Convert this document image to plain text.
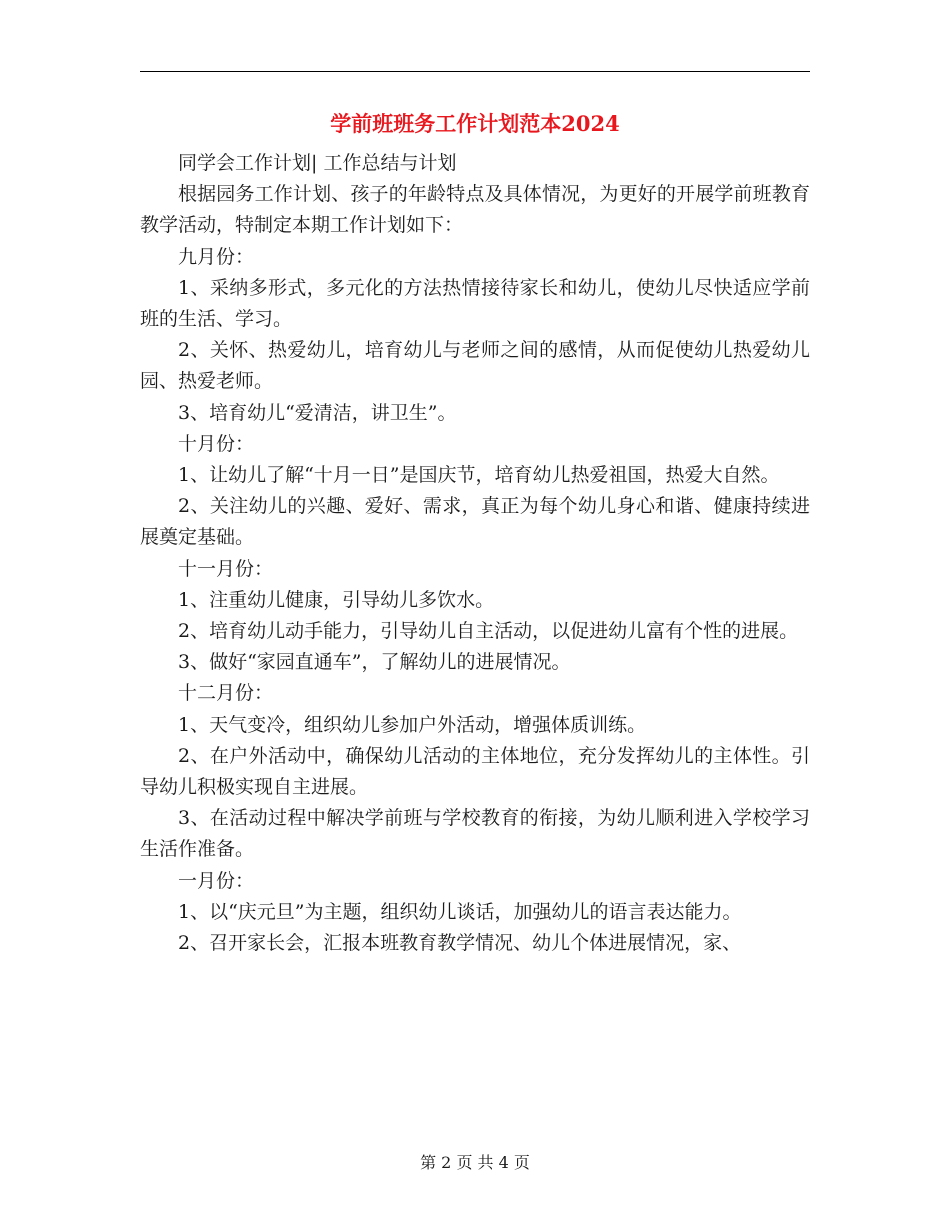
学前班班务工作计划范本2024

同学会工作计划| 工作总结与计划

根据园务工作计划、孩子的年龄特点及具体情况，为更好的开展学前班教育教学活动，特制定本期工作计划如下：

九月份：

1、采纳多形式，多元化的方法热情接待家长和幼儿，使幼儿尽快适应学前班的生活、学习。

2、关怀、热爱幼儿，培育幼儿与老师之间的感情，从而促使幼儿热爱幼儿园、热爱老师。

3、培育幼儿“爱清洁，讲卫生”。

十月份：

1、让幼儿了解“十月一日”是国庆节，培育幼儿热爱祖国，热爱大自然。

2、关注幼儿的兴趣、爱好、需求，真正为每个幼儿身心和谐、健康持续进展奠定基础。

十一月份：

1、注重幼儿健康，引导幼儿多饮水。

2、培育幼儿动手能力，引导幼儿自主活动，以促进幼儿富有个性的进展。

3、做好“家园直通车”，了解幼儿的进展情况。

十二月份：

1、天气变冷，组织幼儿参加户外活动，增强体质训练。

2、在户外活动中，确保幼儿活动的主体地位，充分发挥幼儿的主体性。引导幼儿积极实现自主进展。

3、在活动过程中解决学前班与学校教育的衔接，为幼儿顺利进入学校学习生活作准备。

一月份：

1、以“庆元旦”为主题，组织幼儿谈话，加强幼儿的语言表达能力。

2、召开家长会，汇报本班教育教学情况、幼儿个体进展情况，家、

第 2 页 共 4 页
